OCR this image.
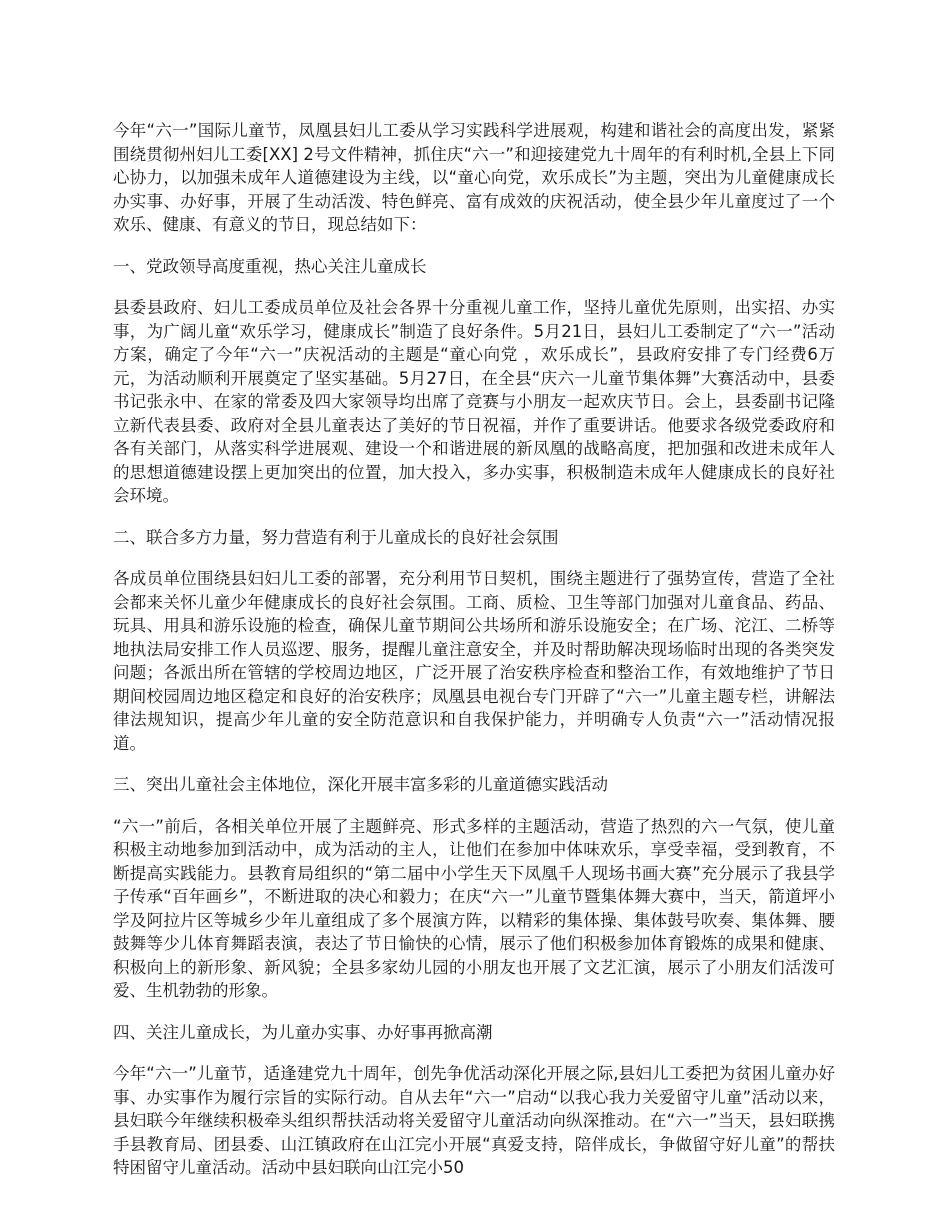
今年“六一”国际儿童节，凤凰县妇儿工委从学习实践科学进展观，构建和谐社会的高度出发，紧紧围绕贯彻州妇儿工委[XX] 2号文件精神，抓住庆“六一”和迎接建党九十周年的有利时机,全县上下同心协力，以加强未成年人道德建设为主线，以“童心向党，欢乐成长”为主题，突出为儿童健康成长办实事、办好事，开展了生动活泼、特色鲜亮、富有成效的庆祝活动，使全县少年儿童度过了一个欢乐、健康、有意义的节日，现总结如下：

一、党政领导高度重视，热心关注儿童成长

县委县政府、妇儿工委成员单位及社会各界十分重视儿童工作，坚持儿童优先原则，出实招、办实事，为广阔儿童“欢乐学习，健康成长”制造了良好条件。5月21日，县妇儿工委制定了“六一”活动方案，确定了今年“六一”庆祝活动的主题是“童心向党 ，欢乐成长”，县政府安排了专门经费6万元，为活动顺利开展奠定了坚实基础。5月27日，在全县“庆六一儿童节集体舞”大赛活动中，县委书记张永中、在家的常委及四大家领导均出席了竞赛与小朋友一起欢庆节日。会上，县委副书记隆立新代表县委、政府对全县儿童表达了美好的节日祝福，并作了重要讲话。他要求各级党委政府和各有关部门，从落实科学进展观、建设一个和谐进展的新凤凰的战略高度，把加强和改进未成年人的思想道德建设摆上更加突出的位置，加大投入，多办实事，积极制造未成年人健康成长的良好社会环境。

二、联合多方力量，努力营造有利于儿童成长的良好社会氛围

各成员单位围绕县妇妇儿工委的部署，充分利用节日契机，围绕主题进行了强势宣传，营造了全社会都来关怀儿童少年健康成长的良好社会氛围。工商、质检、卫生等部门加强对儿童食品、药品、玩具、用具和游乐设施的检查，确保儿童节期间公共场所和游乐设施安全；在广场、沱江、二桥等地执法局安排工作人员巡逻、服务，提醒儿童注意安全，并及时帮助解决现场临时出现的各类突发问题；各派出所在管辖的学校周边地区，广泛开展了治安秩序检查和整治工作，有效地维护了节日期间校园周边地区稳定和良好的治安秩序；凤凰县电视台专门开辟了“六一”儿童主题专栏，讲解法律法规知识，提高少年儿童的安全防范意识和自我保护能力，并明确专人负责“六一”活动情况报道。

三、突出儿童社会主体地位，深化开展丰富多彩的儿童道德实践活动

“六一”前后，各相关单位开展了主题鲜亮、形式多样的主题活动，营造了热烈的六一气氛，使儿童积极主动地参加到活动中，成为活动的主人，让他们在参加中体味欢乐，享受幸福，受到教育，不断提高实践能力。县教育局组织的“第二届中小学生天下凤凰千人现场书画大赛”充分展示了我县学子传承“百年画乡”，不断进取的决心和毅力；在庆“六一”儿童节暨集体舞大赛中，当天，箭道坪小学及阿拉片区等城乡少年儿童组成了多个展演方阵，以精彩的集体操、集体鼓号吹奏、集体舞、腰鼓舞等少儿体育舞蹈表演，表达了节日愉快的心情，展示了他们积极参加体育锻炼的成果和健康、积极向上的新形象、新风貌；全县多家幼儿园的小朋友也开展了文艺汇演，展示了小朋友们活泼可爱、生机勃勃的形象。

四、关注儿童成长，为儿童办实事、办好事再掀高潮

今年“六一”儿童节，适逢建党九十周年，创先争优活动深化开展之际,县妇儿工委把为贫困儿童办好事、办实事作为履行宗旨的实际行动。自从去年“六一”启动“以我心我力关爱留守儿童”活动以来，县妇联今年继续积极牵头组织帮扶活动将关爱留守儿童活动向纵深推动。在“六一”当天，县妇联携手县教育局、团县委、山江镇政府在山江完小开展“真爱支持，陪伴成长，争做留守好儿童”的帮扶特困留守儿童活动。活动中县妇联向山江完小50
